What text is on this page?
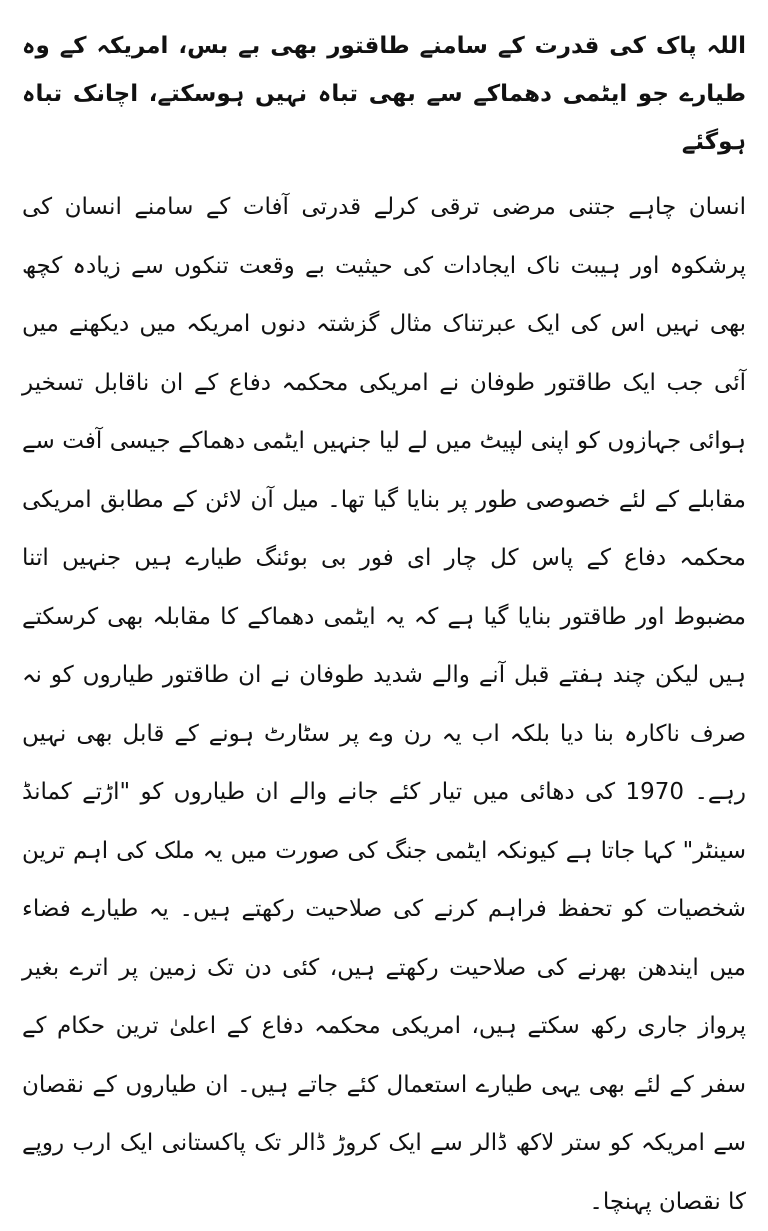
اللہ پاک کی قدرت کے سامنے طاقتور بھی بے بس، امریکہ کے وہ طیارے جو ایٹمی دھماکے سے بھی تباہ نہیں ہوسکتے، اچانک تباہ ہوگئے

انسان چاہے جتنی مرضی ترقی کرلے قدرتی آفات کے سامنے انسان کی پرشکوہ اور ہیبت ناک ایجادات کی حیثیت بے وقعت تنکوں سے زیادہ کچھ بھی نہیں اس کی ایک عبرتناک مثال گزشتہ دنوں امریکہ میں دیکھنے میں آئی جب ایک طاقتور طوفان نے امریکی محکمہ دفاع کے ان ناقابل تسخیر ہوائی جہازوں کو اپنی لپیٹ میں لے لیا جنہیں ایٹمی دھماکے جیسی آفت سے مقابلے کے لئے خصوصی طور پر بنایا گیا تھا۔ میل آن لائن کے مطابق امریکی محکمہ دفاع کے پاس کل چار ای فور بی بوئنگ طیارے ہیں جنہیں اتنا مضبوط اور طاقتور بنایا گیا ہے کہ یہ ایٹمی دھماکے کا مقابلہ بھی کرسکتے ہیں لیکن چند ہفتے قبل آنے والے شدید طوفان نے ان طاقتور طیاروں کو نہ صرف ناکارہ بنا دیا بلکہ اب یہ رن وے پر سٹارٹ ہونے کے قابل بھی نہیں رہے۔ 1970 کی دھائی میں تیار کئے جانے والے ان طیاروں کو "اڑتے کمانڈ سینٹر" کہا جاتا ہے کیونکہ ایٹمی جنگ کی صورت میں یہ ملک کی اہم ترین شخصیات کو تحفظ فراہم کرنے کی صلاحیت رکھتے ہیں۔ یہ طیارے فضاء میں ایندھن بھرنے کی صلاحیت رکھتے ہیں، کئی دن تک زمین پر اترے بغیر پرواز جاری رکھ سکتے ہیں، امریکی محکمہ دفاع کے اعلیٰ ترین حکام کے سفر کے لئے بھی یہی طیارے استعمال کئے جاتے ہیں۔ ان طیاروں کے نقصان سے امریکہ کو ستر لاکھ ڈالر سے ایک کروڑ ڈالر تک پاکستانی ایک ارب روپے کا نقصان پہنچا۔
